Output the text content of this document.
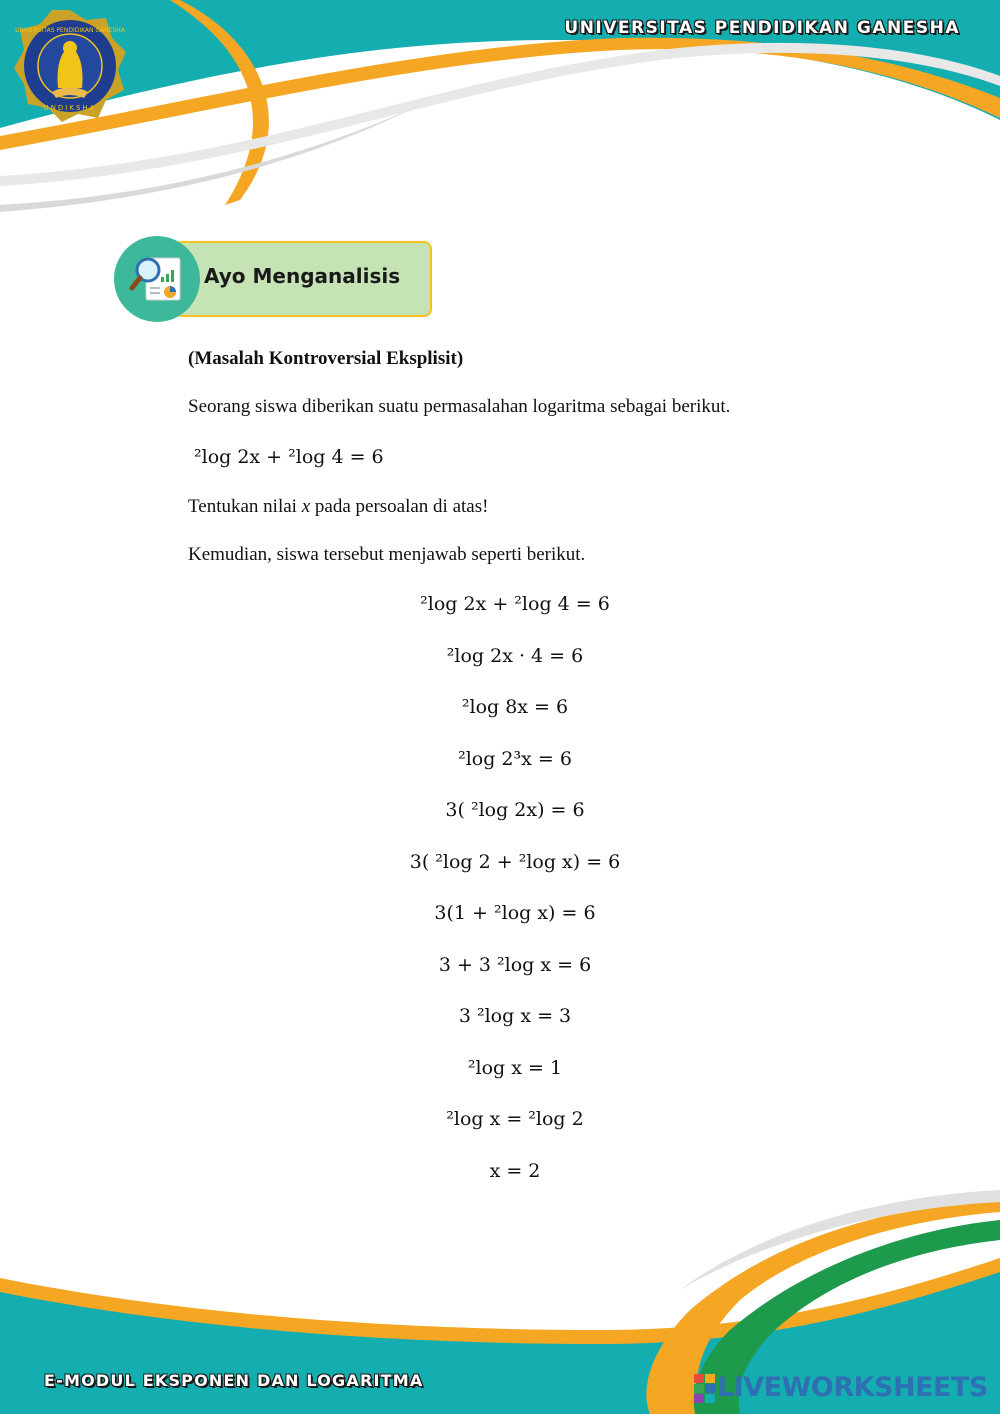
UNIVERSITAS PENDIDIKAN GANESHA
UNDIKSHA
UNIVERSITAS PENDIDIKAN GANESHA
Ayo Menganalisis

(Masalah Kontroversial Eksplisit)

Seorang siswa diberikan suatu permasalahan logaritma sebagai berikut.

²log 2x + ²log 4 = 6

Tentukan nilai x pada persoalan di atas!

Kemudian, siswa tersebut menjawab seperti berikut.

²log 2x + ²log 4 = 6
²log 2x · 4 = 6
²log 8x = 6
²log 2³x = 6
3( ²log 2x) = 6
3( ²log 2 + ²log x) = 6
3(1 + ²log x) = 6
3 + 3 ²log x = 6
3 ²log x = 3
²log x = 1
²log x = ²log 2
x = 2
E-MODUL EKSPONEN DAN LOGARITMA	LIVEWORKSHEETS
